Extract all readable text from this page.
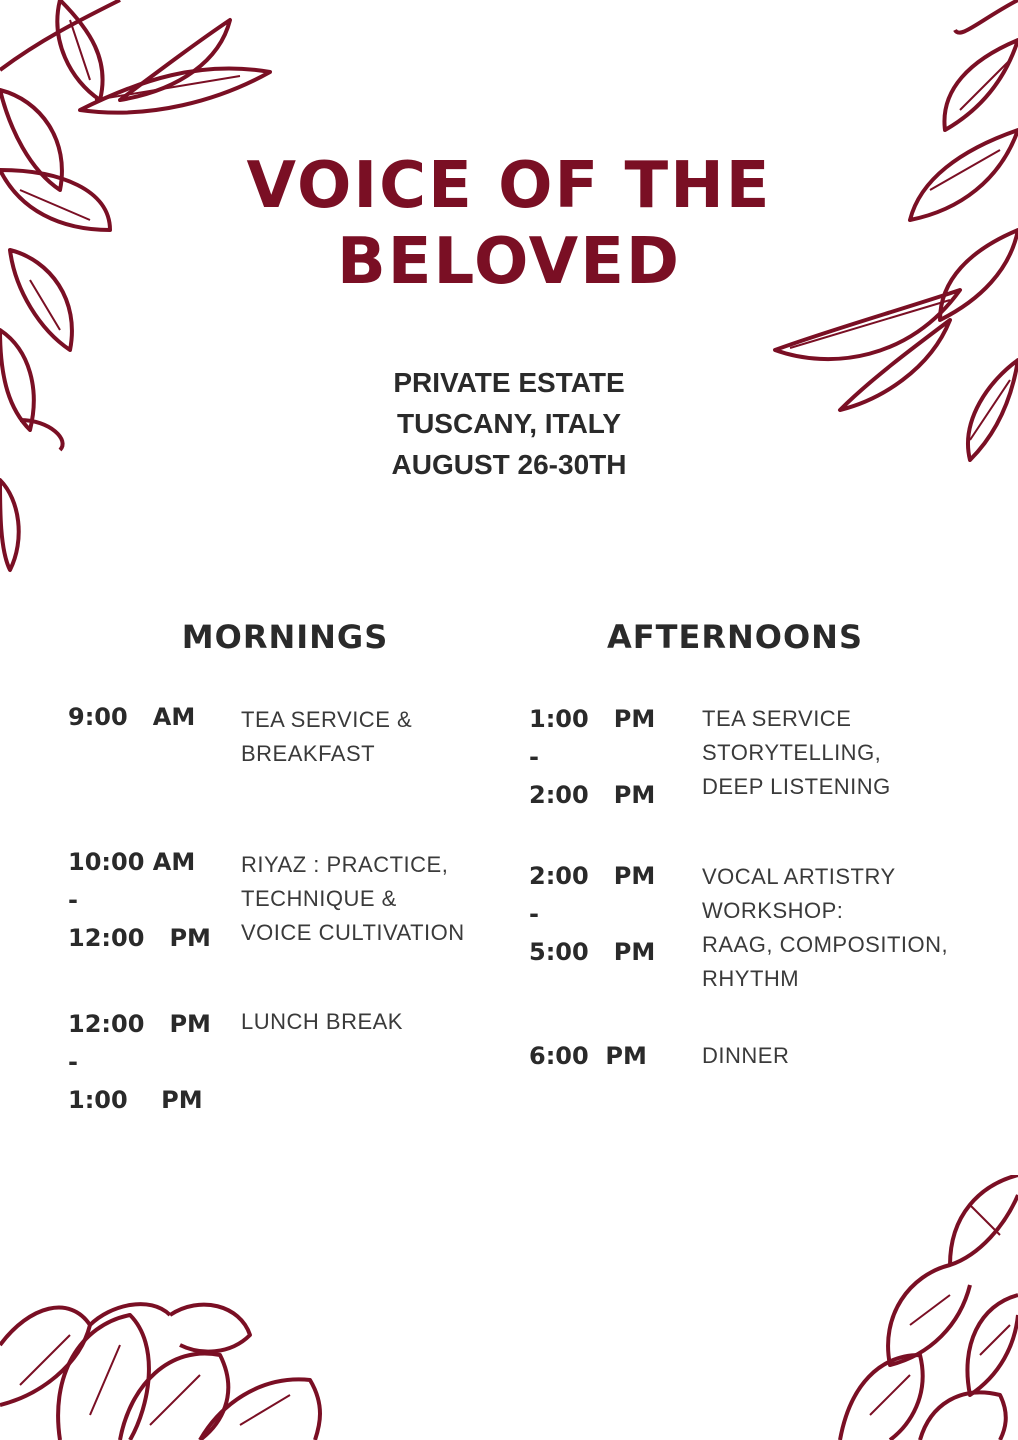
VOICE OF THE
BELOVED
PRIVATE ESTATE
TUSCANY, ITALY
AUGUST 26-30TH
MORNINGS	AFTERNOONS
9:00   AM TEA SERVICE &
BREAKFAST
10:00 AM
-
12:00   PM
RIYAZ : PRACTICE,
TECHNIQUE &
VOICE CULTIVATION
12:00   PM
-
1:00    PM
LUNCH BREAK
1:00   PM
-
2:00   PM
TEA SERVICE
STORYTELLING,
DEEP LISTENING
2:00   PM
-
5:00   PM
VOCAL ARTISTRY
WORKSHOP:
RAAG, COMPOSITION,
RHYTHM
6:00  PM	DINNER
